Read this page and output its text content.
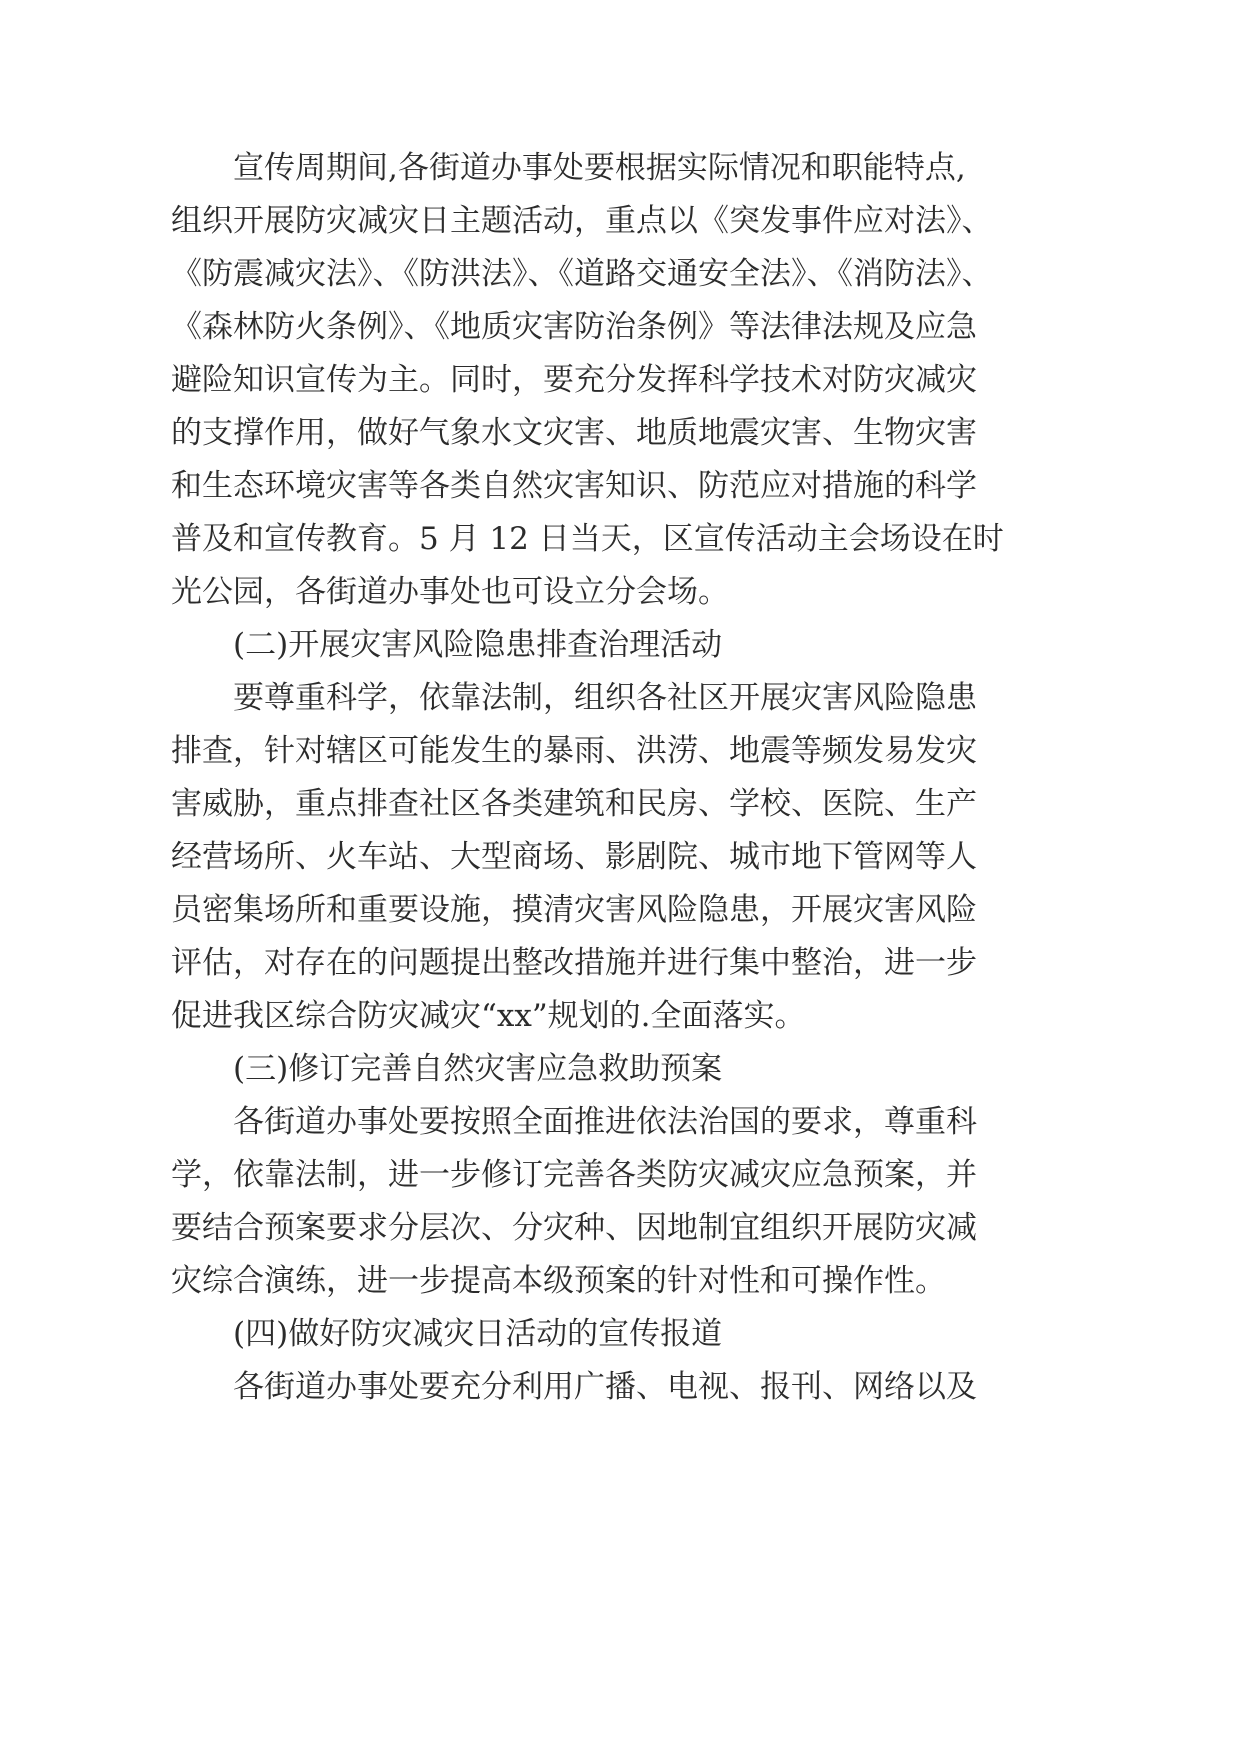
宣传周期间,各街道办事处要根据实际情况和职能特点,
组织开展防灾减灾日主题活动，重点以《突发事件应对法》、
《防震减灾法》、《防洪法》、《道路交通安全法》、《消防法》、
《森林防火条例》、《地质灾害防治条例》等法律法规及应急
避险知识宣传为主。同时，要充分发挥科学技术对防灾减灾
的支撑作用，做好气象水文灾害、地质地震灾害、生物灾害
和生态环境灾害等各类自然灾害知识、防范应对措施的科学
普及和宣传教育。5 月 12 日当天，区宣传活动主会场设在时
光公园，各街道办事处也可设立分会场。
(二)开展灾害风险隐患排查治理活动
要尊重科学，依靠法制，组织各社区开展灾害风险隐患
排查，针对辖区可能发生的暴雨、洪涝、地震等频发易发灾
害威胁，重点排查社区各类建筑和民房、学校、医院、生产
经营场所、火车站、大型商场、影剧院、城市地下管网等人
员密集场所和重要设施，摸清灾害风险隐患，开展灾害风险
评估，对存在的问题提出整改措施并进行集中整治，进一步
促进我区综合防灾减灾“xx”规划的.全面落实。
(三)修订完善自然灾害应急救助预案
各街道办事处要按照全面推进依法治国的要求，尊重科
学，依靠法制，进一步修订完善各类防灾减灾应急预案，并
要结合预案要求分层次、分灾种、因地制宜组织开展防灾减
灾综合演练，进一步提高本级预案的针对性和可操作性。
(四)做好防灾减灾日活动的宣传报道
各街道办事处要充分利用广播、电视、报刊、网络以及
